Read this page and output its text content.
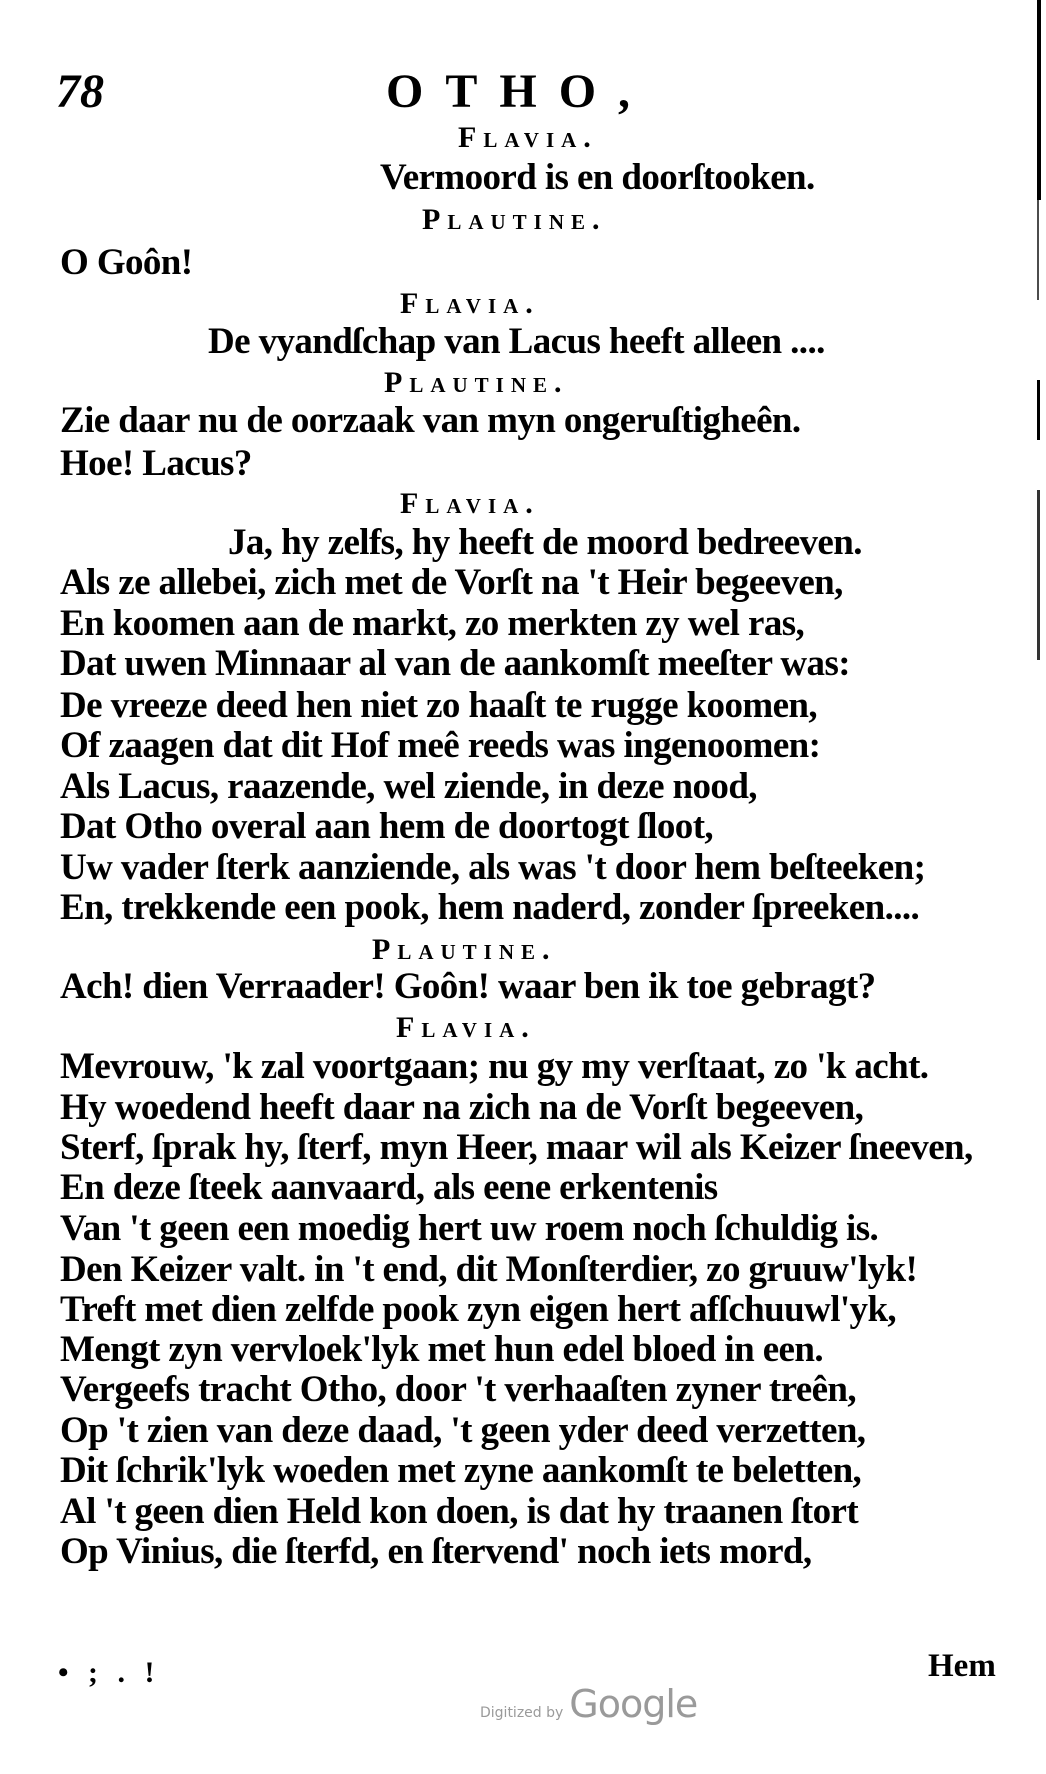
78	OTHO,
Flavia.
Vermoord is en doorſtooken.
Plautine.
O Goôn!
Flavia.
De vyandſchap van Lacus heeft alleen ....
Plautine.
Zie daar nu de oorzaak van myn ongeruſtigheên.
Hoe! Lacus?
Flavia.
Ja, hy zelfs, hy heeft de moord bedreeven.
Als ze allebei, zich met de Vorſt na 't Heir begeeven,
En koomen aan de markt, zo merkten zy wel ras,
Dat uwen Minnaar al van de aankomſt meeſter was:
De vreeze deed hen niet zo haaſt te rugge koomen,
Of zaagen dat dit Hof meê reeds was ingenoomen:
Als Lacus, raazende, wel ziende, in deze nood,
Dat Otho overal aan hem de doortogt ſloot,
Uw vader ſterk aanziende, als was 't door hem beſteeken;
En, trekkende een pook, hem naderd, zonder ſpreeken....
Plautine.
Ach! dien Verraader! Goôn! waar ben ik toe gebragt?
Flavia.
Mevrouw, 'k zal voortgaan; nu gy my verſtaat, zo 'k acht.
Hy woedend heeft daar na zich na de Vorſt begeeven,
Sterf, ſprak hy, ſterf, myn Heer, maar wil als Keizer ſneeven,
En deze ſteek aanvaard, als eene erkentenis
Van 't geen een moedig hert uw roem noch ſchuldig is.
Den Keizer valt. in 't end, dit Monſterdier, zo gruuw'lyk!
Treft met dien zelfde pook zyn eigen hert afſchuuwl'yk,
Mengt zyn vervloek'lyk met hun edel bloed in een.
Vergeefs tracht Otho, door 't verhaaſten zyner treên,
Op 't zien van deze daad, 't geen yder deed verzetten,
Dit ſchrik'lyk woeden met zyne aankomſt te beletten,
Al 't geen dien Held kon doen, is dat hy traanen ſtort
Op Vinius, die ſterfd, en ſtervend' noch iets mord,
• ; . !	Hem
Digitized by Google
